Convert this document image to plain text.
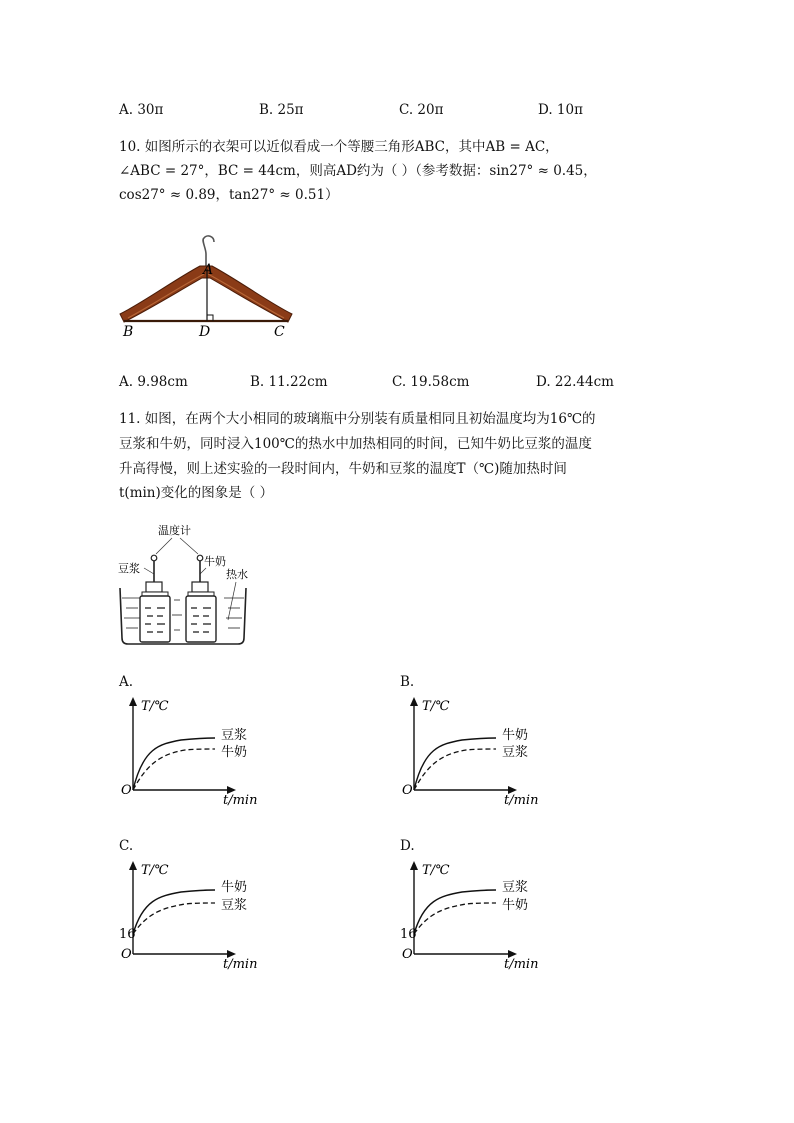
A. 30π	B. 25π	C. 20π	D. 10π
10. 如图所示的衣架可以近似看成一个等腰三角形ABC，其中AB = AC，
∠ABC = 27°，BC = 44cm，则高AD约为（ ）（参考数据：sin27° ≈ 0.45，
cos27° ≈ 0.89，tan27° ≈ 0.51）
A
B	D	C
A. 9.98cm	B. 11.22cm	C. 19.58cm	D. 22.44cm
11. 如图，在两个大小相同的玻璃瓶中分别装有质量相同且初始温度均为16℃的
豆浆和牛奶，同时浸入100℃的热水中加热相同的时间，已知牛奶比豆浆的温度
升高得慢，则上述实验的一段时间内，牛奶和豆浆的温度T（℃)随加热时间
t(min)变化的图象是（ ）
温度计
豆浆
牛奶
热水
A.
T/℃
t/min
O
豆浆
牛奶
B.
T/℃
t/min
O
牛奶
豆浆
C.
T/℃
t/min
O
16
牛奶
豆浆
D.
T/℃
t/min
O
16
豆浆
牛奶
